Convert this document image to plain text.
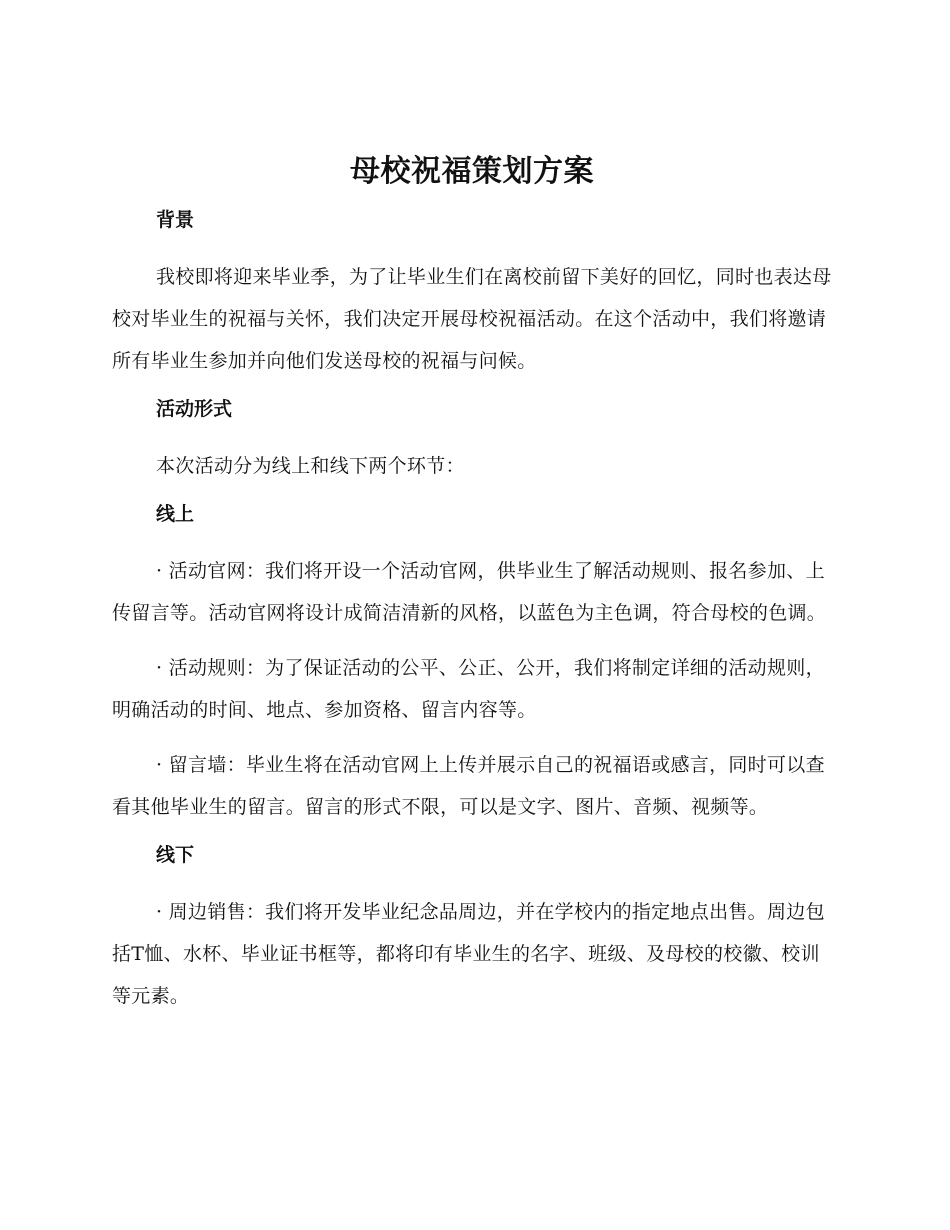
母校祝福策划方案
背景

我校即将迎来毕业季，为了让毕业生们在离校前留下美好的回忆，同时也表达母校对毕业生的祝福与关怀，我们决定开展母校祝福活动。在这个活动中，我们将邀请所有毕业生参加并向他们发送母校的祝福与问候。

活动形式

本次活动分为线上和线下两个环节：

线上

· 活动官网：我们将开设一个活动官网，供毕业生了解活动规则、报名参加、上传留言等。活动官网将设计成简洁清新的风格，以蓝色为主色调，符合母校的色调。

· 活动规则：为了保证活动的公平、公正、公开，我们将制定详细的活动规则，明确活动的时间、地点、参加资格、留言内容等。

· 留言墙：毕业生将在活动官网上上传并展示自己的祝福语或感言，同时可以查看其他毕业生的留言。留言的形式不限，可以是文字、图片、音频、视频等。

线下

· 周边销售：我们将开发毕业纪念品周边，并在学校内的指定地点出售。周边包括T恤、水杯、毕业证书框等，都将印有毕业生的名字、班级、及母校的校徽、校训等元素。
